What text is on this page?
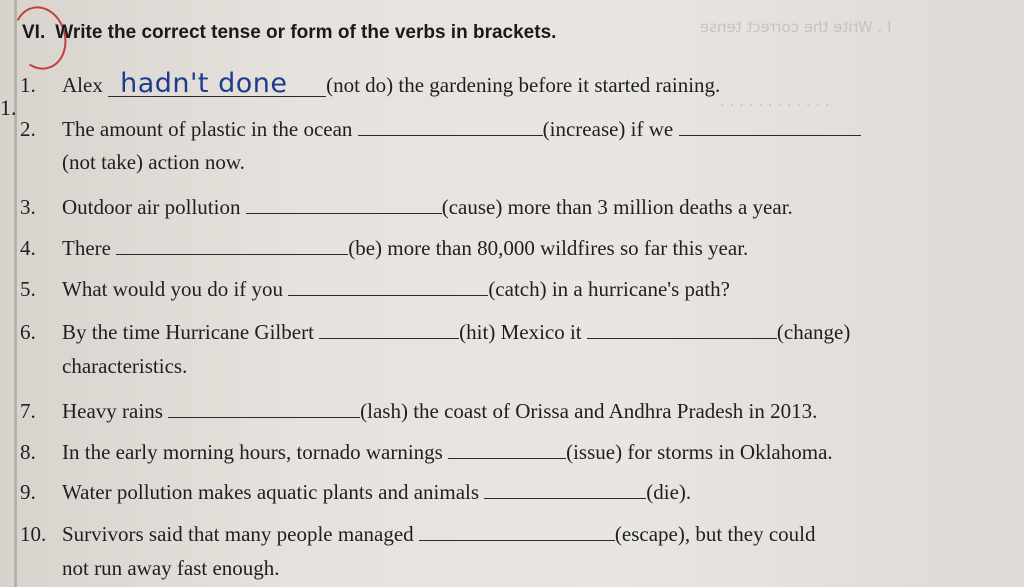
I . Write the correct tense
. . . . . . . . . . . .
VI. Write the correct tense or form of the verbs in brackets.
1.
1. Alex hadn't done (not do) the gardening before it started raining.
2. The amount of plastic in the ocean	(increase) if we
(not take) action now.
3. Outdoor air pollution	(cause) more than 3 million deaths a year.
4. There	(be) more than 80,000 wildfires so far this year.
5. What would you do if you	(catch) in a hurricane's path?
6. By the time Hurricane Gilbert	(hit) Mexico it	(change)
characteristics.
7. Heavy rains	(lash) the coast of Orissa and Andhra Pradesh in 2013.
8. In the early morning hours, tornado warnings	(issue) for storms in Oklahoma.
9. Water pollution makes aquatic plants and animals	(die).
10. Survivors said that many people managed	(escape), but they could
not run away fast enough.
